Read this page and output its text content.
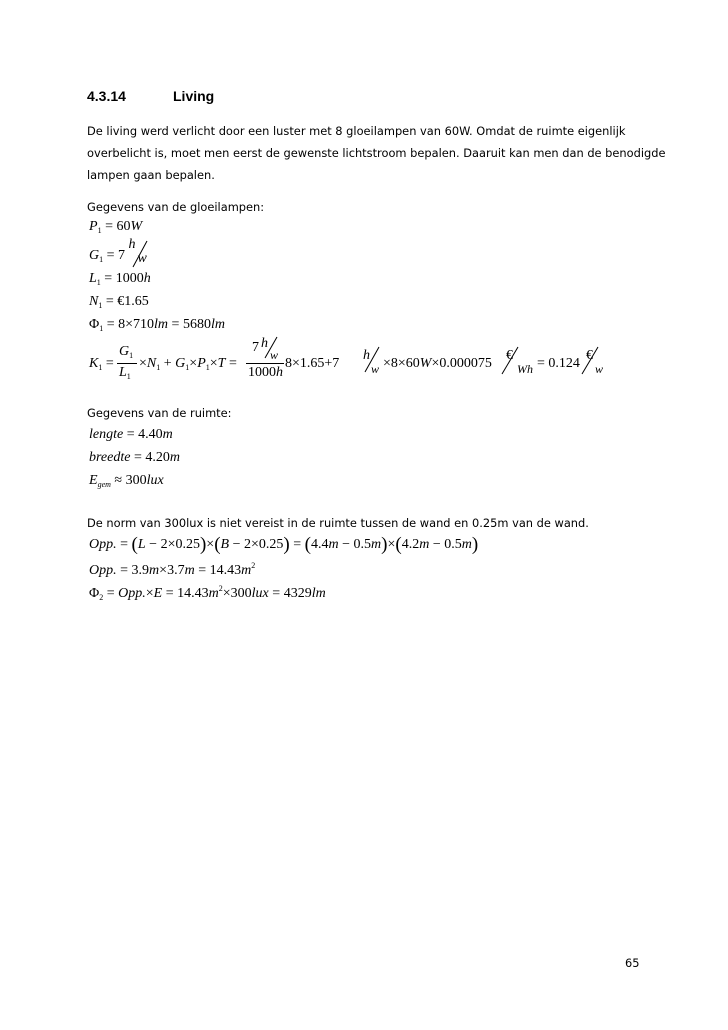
4.3.14	Living
De living werd verlicht door een luster met 8 gloeilampen van 60W. Omdat de ruimte eigenlijk overbelicht is, moet men eerst de gewenste lichtstroom bepalen. Daaruit kan men dan de benodigde lampen gaan bepalen.
Gegevens van de gloeilampen:
$P_1 = 60W$
$G_1 = 7$
h
w
$L_1 = 1000h$
$N_1$ = €1.65
$\Phi_1 = 8\times 710lm = 5680lm$
$K_1$ =
$G_1$
$L_1$
$\times N_1 + G_1\times P_1\times T$ =
7 h
w
1000h
8×1.65+7
h
w ×8×60W×0.000075
€
Wh = 0.124
€
w
Gegevens van de ruimte:
lengte = 4.40m
breedte = 4.20m
$E_{gem} \approx 300lux$
De norm van 300lux is niet vereist in de ruimte tussen de wand en 0.25m van de wand.
Opp. = (L − 2×0.25)×(B − 2×0.25) = (4.4m − 0.5m)×(4.2m − 0.5m)
Opp. = $3.9m\times 3.7m = 14.43m^2$
$\Phi_2 = Opp.\times E = 14.43m^2\times 300lux = 4329lm$
65
